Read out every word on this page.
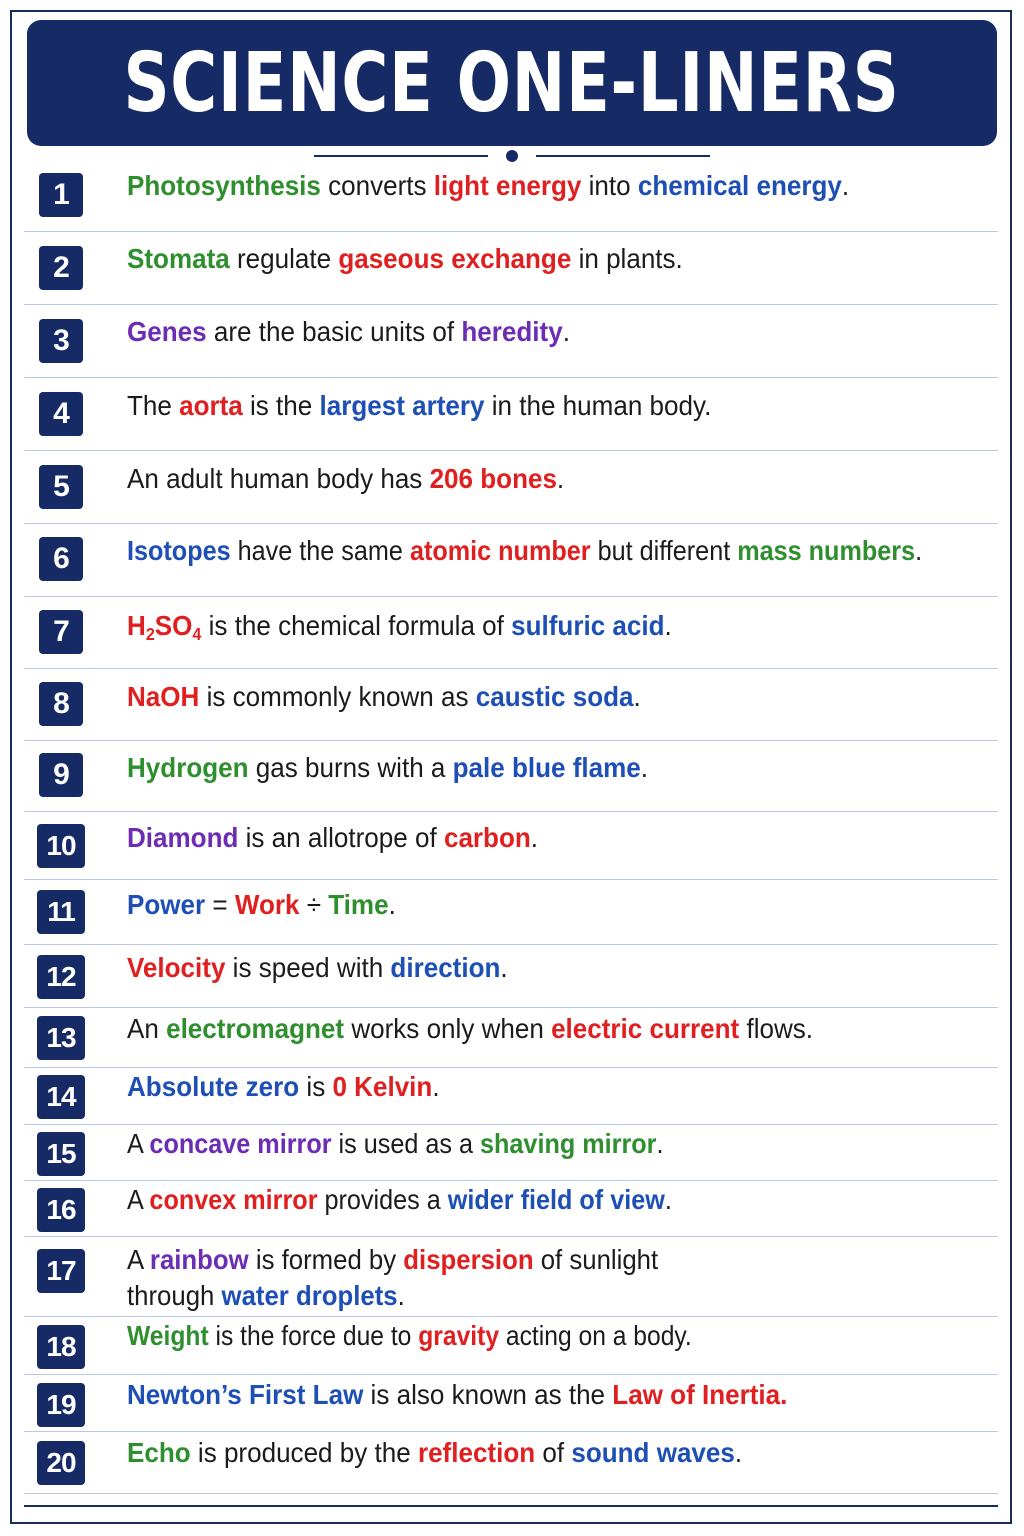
SCIENCE ONE-LINERS
1	Photosynthesis converts light energy into chemical energy.
2	Stomata regulate gaseous exchange in plants.
3	Genes are the basic units of heredity.
4	The aorta is the largest artery in the human body.
5	An adult human body has 206 bones.
6	Isotopes have the same atomic number but different mass numbers.
7	$H_2SO_4$ is the chemical formula of sulfuric acid.
8	NaOH is commonly known as caustic soda.
9	Hydrogen gas burns with a pale blue flame.
10	Diamond is an allotrope of carbon.
11	Power = Work ÷ Time.
12	Velocity is speed with direction.
13	An electromagnet works only when electric current flows.
14	Absolute zero is 0 Kelvin.
15	A concave mirror is used as a shaving mirror.
16	A convex mirror provides a wider field of view.
17	A rainbow is formed by dispersion of sunlight
through water droplets.
18	Weight is the force due to gravity acting on a body.
19	Newton’s First Law is also known as the Law of Inertia.
20	Echo is produced by the reflection of sound waves.
